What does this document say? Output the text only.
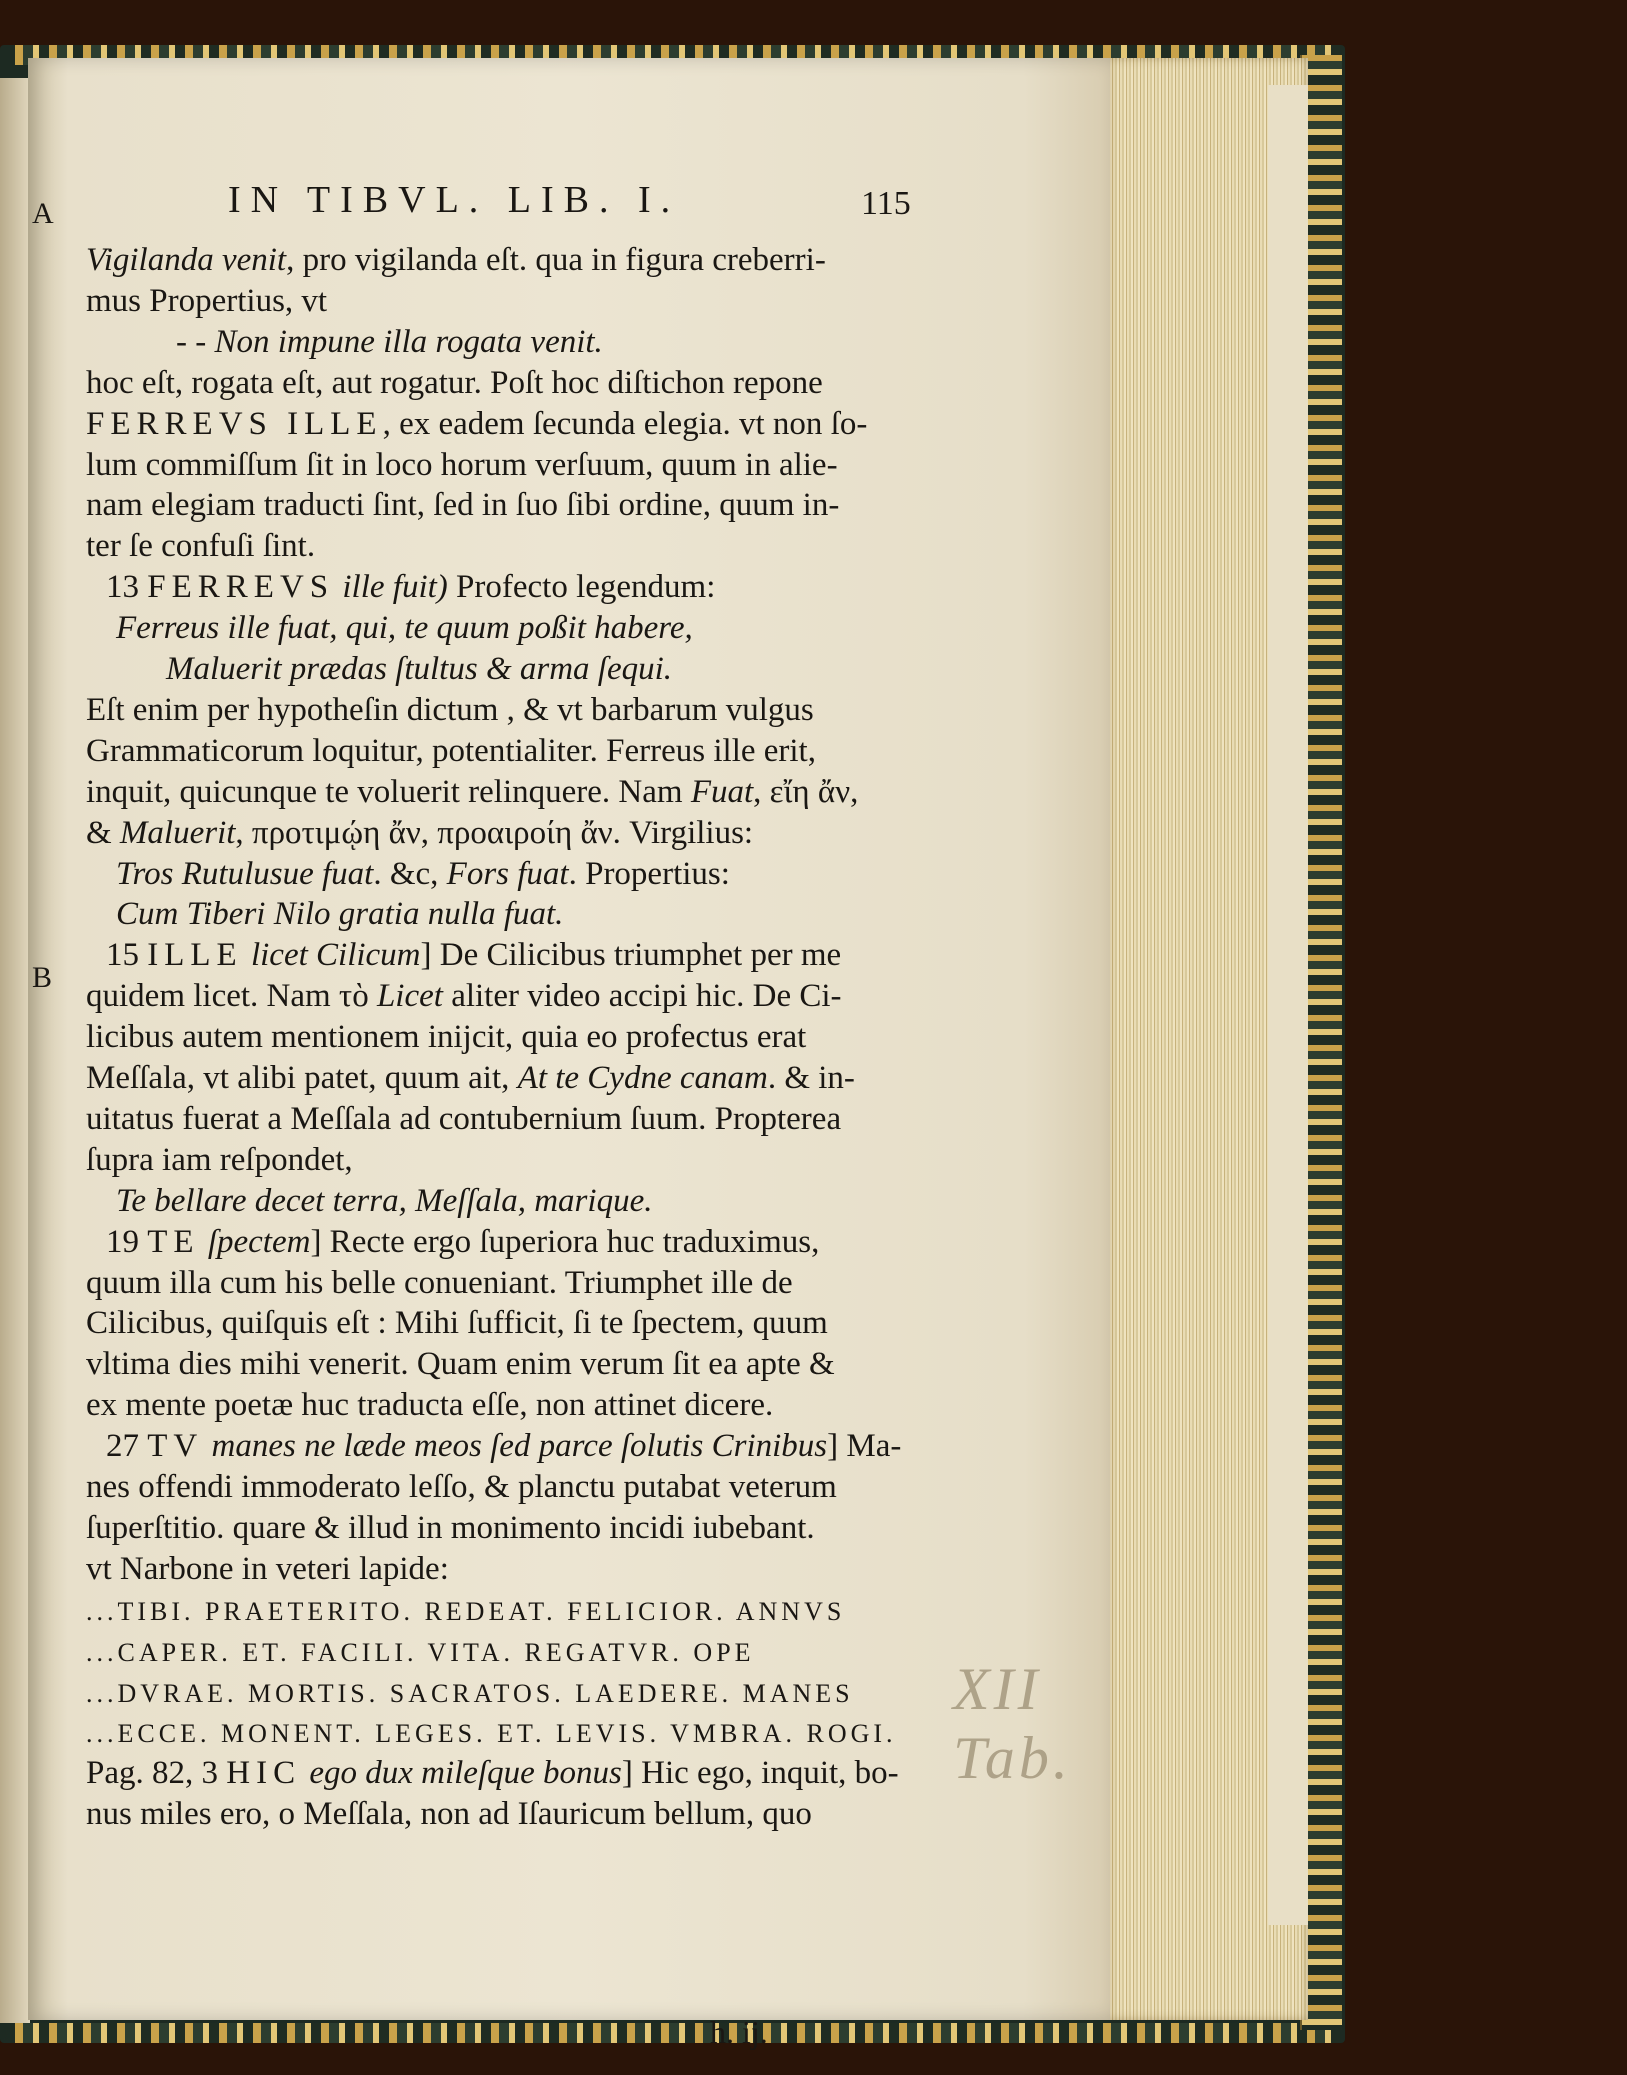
IN TIBVL. LIB. I.	115
A
B
Vigilanda venit, pro vigilanda eſt. qua in figura creberri-
mus Propertius, vt
- - Non impune illa rogata venit.
hoc eſt, rogata eſt, aut rogatur. Poſt hoc diſtichon repone
FERREVS ILLE, ex eadem ſecunda elegia. vt non ſo-
lum commiſſum ſit in loco horum verſuum, quum in alie-
nam elegiam traducti ſint, ſed in ſuo ſibi ordine, quum in-
ter ſe confuſi ſint.
13 FERREVS ille fuit) Profecto legendum:
Ferreus ille fuat, qui, te quum poßit habere,
Maluerit prædas ſtultus & arma ſequi.
Eſt enim per hypotheſin dictum , & vt barbarum vulgus
Grammaticorum loquitur, potentialiter. Ferreus ille erit,
inquit, quicunque te voluerit relinquere. Nam Fuat, εἴη ἄν,
& Maluerit, προτιμῴη ἄν, προαιροίη ἄν. Virgilius:
Tros Rutulusue fuat. &c, Fors fuat. Propertius:
Cum Tiberi Nilo gratia nulla fuat.
15 ILLE licet Cilicum] De Cilicibus triumphet per me
quidem licet. Nam τὸ Licet aliter video accipi hic. De Ci-
licibus autem mentionem inijcit, quia eo profectus erat
Meſſala, vt alibi patet, quum ait, At te Cydne canam. & in-
uitatus fuerat a Meſſala ad contubernium ſuum. Propterea
ſupra iam reſpondet,
Te bellare decet terra, Meſſala, marique.
19 TE ſpectem] Recte ergo ſuperiora huc traduximus,
quum illa cum his belle conueniant. Triumphet ille de
Cilicibus, quiſquis eſt : Mihi ſufficit, ſi te ſpectem, quum
vltima dies mihi venerit. Quam enim verum ſit ea apte &
ex mente poetæ huc traducta eſſe, non attinet dicere.
27 TV manes ne læde meos ſed parce ſolutis Crinibus] Ma-
nes offendi immoderato leſſo, & planctu putabat veterum
ſuperſtitio. quare & illud in monimento incidi iubebant.
vt Narbone in veteri lapide:
...TIBI. PRAETERITO. REDEAT. FELICIOR. ANNVS
...CAPER. ET. FACILI. VITA. REGATVR. OPE
...DVRAE. MORTIS. SACRATOS. LAEDERE. MANES
...ECCE. MONENT. LEGES. ET. LEVIS. VMBRA. ROGI.
Pag. 82, 3 HIC ego dux mileſque bonus] Hic ego, inquit, bo-
nus miles ero, o Meſſala, non ad Iſauricum bellum, quo
XII Tab.
h. ij.
